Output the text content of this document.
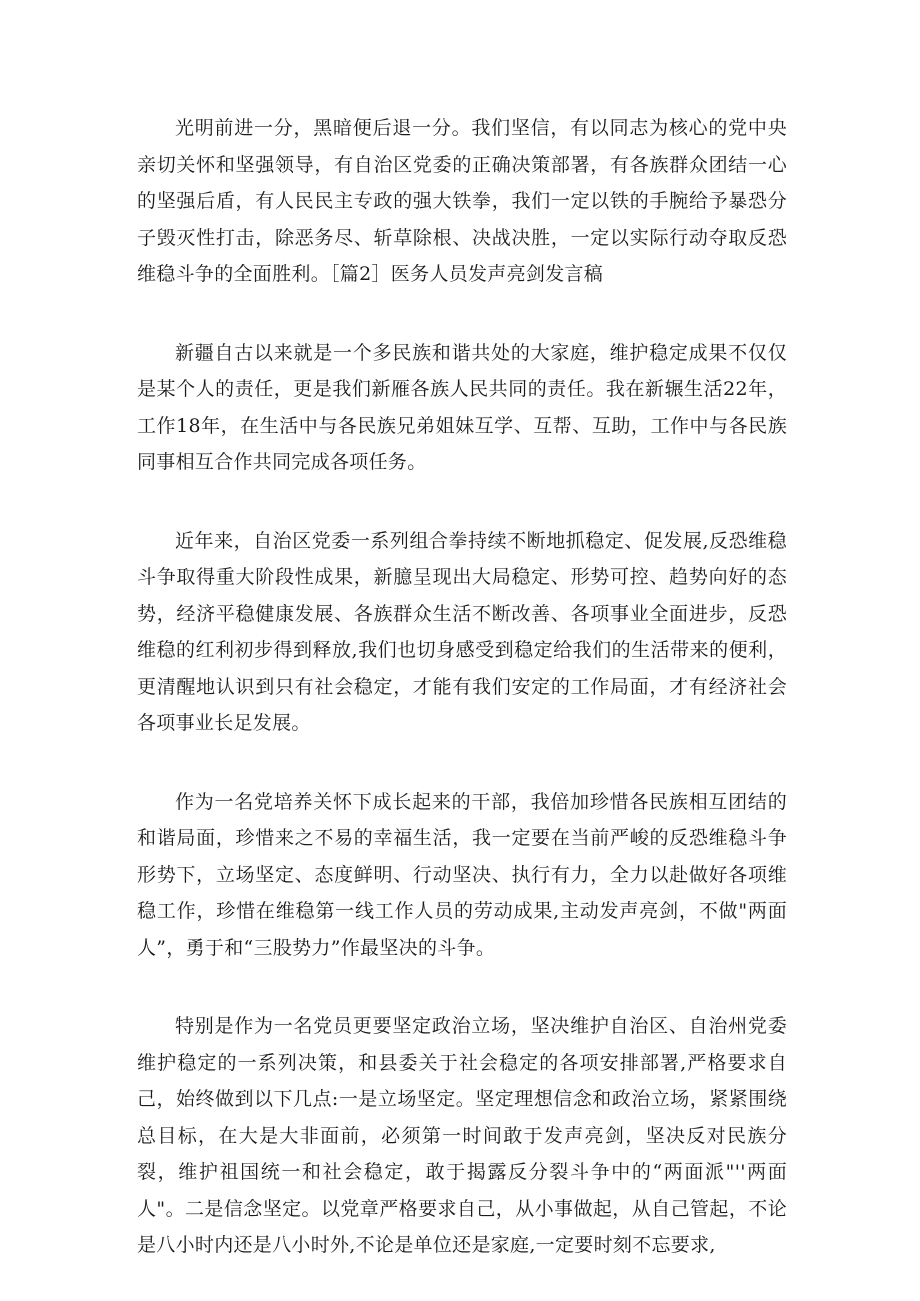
光明前进一分，黑暗便后退一分。我们坚信，有以同志为核心的党中央亲切关怀和坚强领导，有自治区党委的正确决策部署，有各族群众团结一心的坚强后盾，有人民民主专政的强大铁拳，我们一定以铁的手腕给予暴恐分子毁灭性打击，除恶务尽、斩草除根、决战决胜，一定以实际行动夺取反恐维稳斗争的全面胜利。［篇2］医务人员发声亮剑发言稿

新疆自古以来就是一个多民族和谐共处的大家庭，维护稳定成果不仅仅是某个人的责任，更是我们新雁各族人民共同的责任。我在新辗生活22年，工作18年，在生活中与各民族兄弟姐妹互学、互帮、互助，工作中与各民族同事相互合作共同完成各项任务。

近年来，自治区党委一系列组合拳持续不断地抓稳定、促发展,反恐维稳斗争取得重大阶段性成果，新臆呈现出大局稳定、形势可控、趋势向好的态势，经济平稳健康发展、各族群众生活不断改善、各项事业全面进步，反恐维稳的红利初步得到释放,我们也切身感受到稳定给我们的生活带来的便利，更清醒地认识到只有社会稳定，才能有我们安定的工作局面，才有经济社会各项事业长足发展。

作为一名党培养关怀下成长起来的干部，我倍加珍惜各民族相互团结的和谐局面，珍惜来之不易的幸福生活，我一定要在当前严峻的反恐维稳斗争形势下，立场坚定、态度鲜明、行动坚决、执行有力，全力以赴做好各项维稳工作，珍惜在维稳第一线工作人员的劳动成果,主动发声亮剑，不做"两面人”，勇于和“三股势力”作最坚决的斗争。

特别是作为一名党员更要坚定政治立场，坚决维护自治区、自治州党委维护稳定的一系列决策，和县委关于社会稳定的各项安排部署,严格要求自己，始终做到以下几点:一是立场坚定。坚定理想信念和政治立场，紧紧围绕总目标，在大是大非面前，必须第一时间敢于发声亮剑，坚决反对民族分裂，维护祖国统一和社会稳定，敢于揭露反分裂斗争中的“两面派"''两面人"。二是信念坚定。以党章严格要求自己，从小事做起，从自己管起，不论是八小时内还是八小时外,不论是单位还是家庭,一定要时刻不忘要求,
